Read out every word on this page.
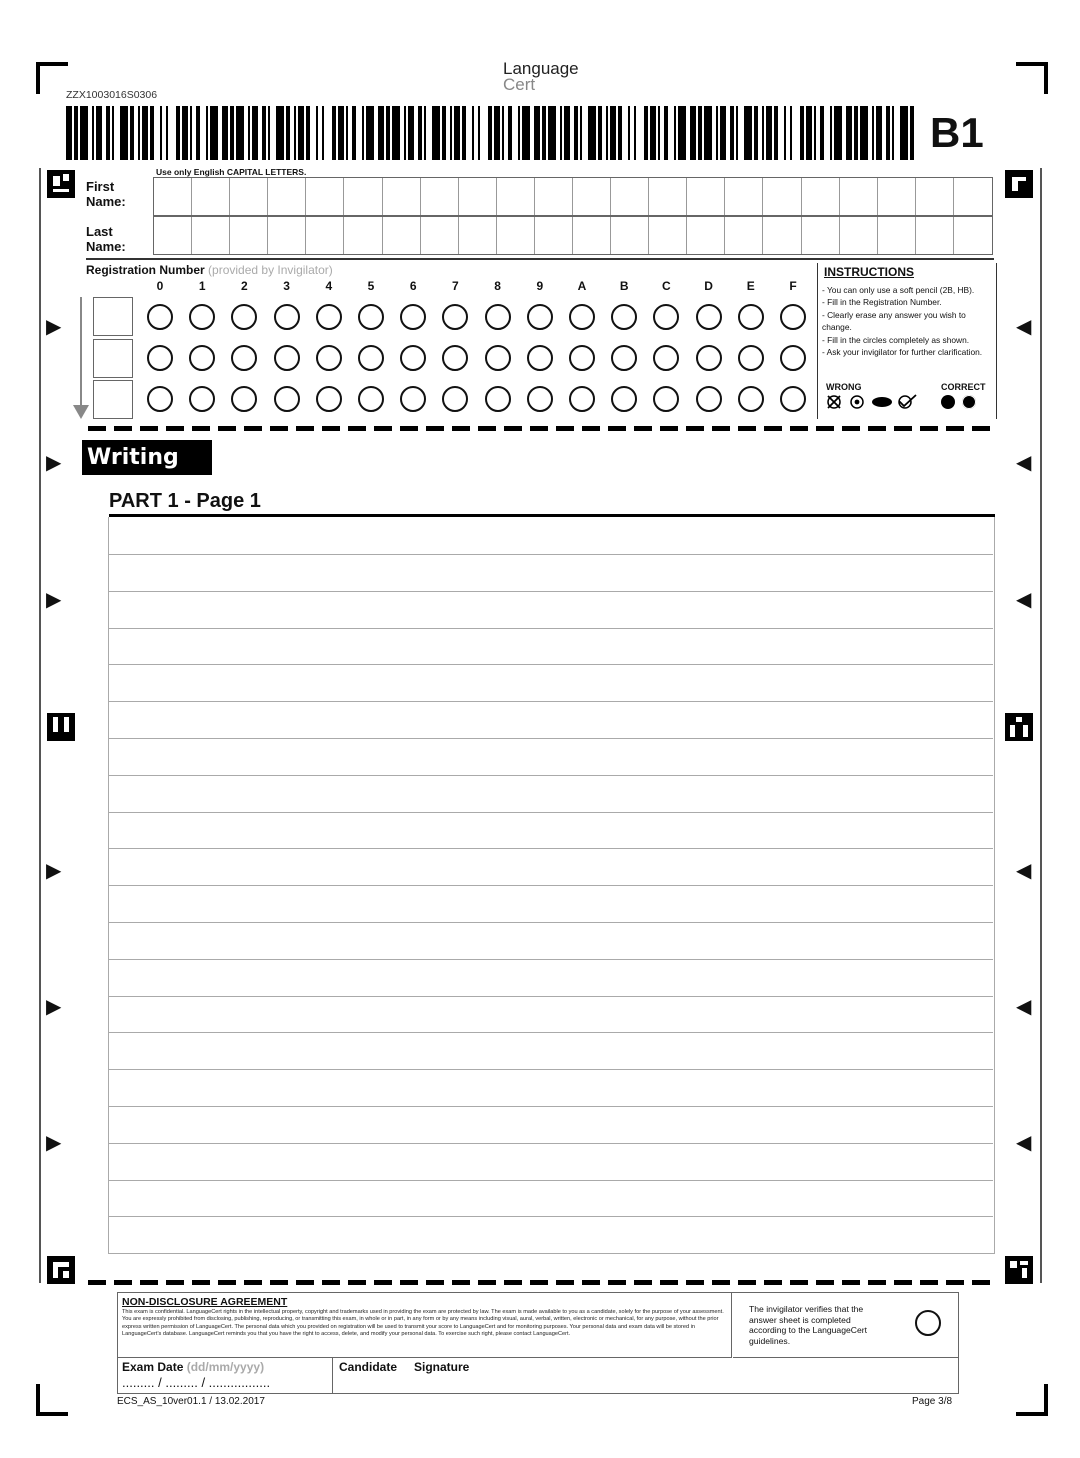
ZZX1003016S0306
Language
Cert
B1
▶
▶
▶
▶
▶
▶
◀
◀
◀
◀
◀
◀
Use only English CAPITAL LETTERS.
First
Name:
Last
Name:
Registration Number (provided by Invigilator)
0	1	2	3	4	5	6	7	8	9	A	B	C	D	E	F
INSTRUCTIONS
- You can only use a soft pencil (2B, HB).
- Fill in the Registration Number.
- Clearly erase any answer you wish to change.
- Fill in the circles completely as shown.
- Ask your invigilator for further clarification.
WRONG	CORRECT
Writing
PART 1 - Page 1
NON-DISCLOSURE AGREEMENT
This exam is confidential. LanguageCert rights in the intellectual property, copyright and trademarks used in providing the exam are protected by law. The exam is made available to you as a candidate, solely for the purpose of your assessment. You are expressly prohibited from disclosing, publishing, reproducing, or transmitting this exam, in whole or in part, in any form or by any means including visual, aural, verbal, written, electronic or mechanical, for any purpose, without the prior express written permission of LanguageCert. The personal data which you provided on registration will be used to transmit your score to LanguageCert and for monitoring purposes. Your personal data and exam data will be stored in LanguageCert's database. LanguageCert reminds you that you have the right to access, delete, and modify your personal data. To exercise such right, please contact LanguageCert.
The invigilator verifies that the answer sheet is completed according to the LanguageCert guidelines.
Exam Date (dd/mm/yyyy)
......... / ......... / .................
Candidate Signature
ECS_AS_10ver01.1 / 13.02.2017	Page 3/8
